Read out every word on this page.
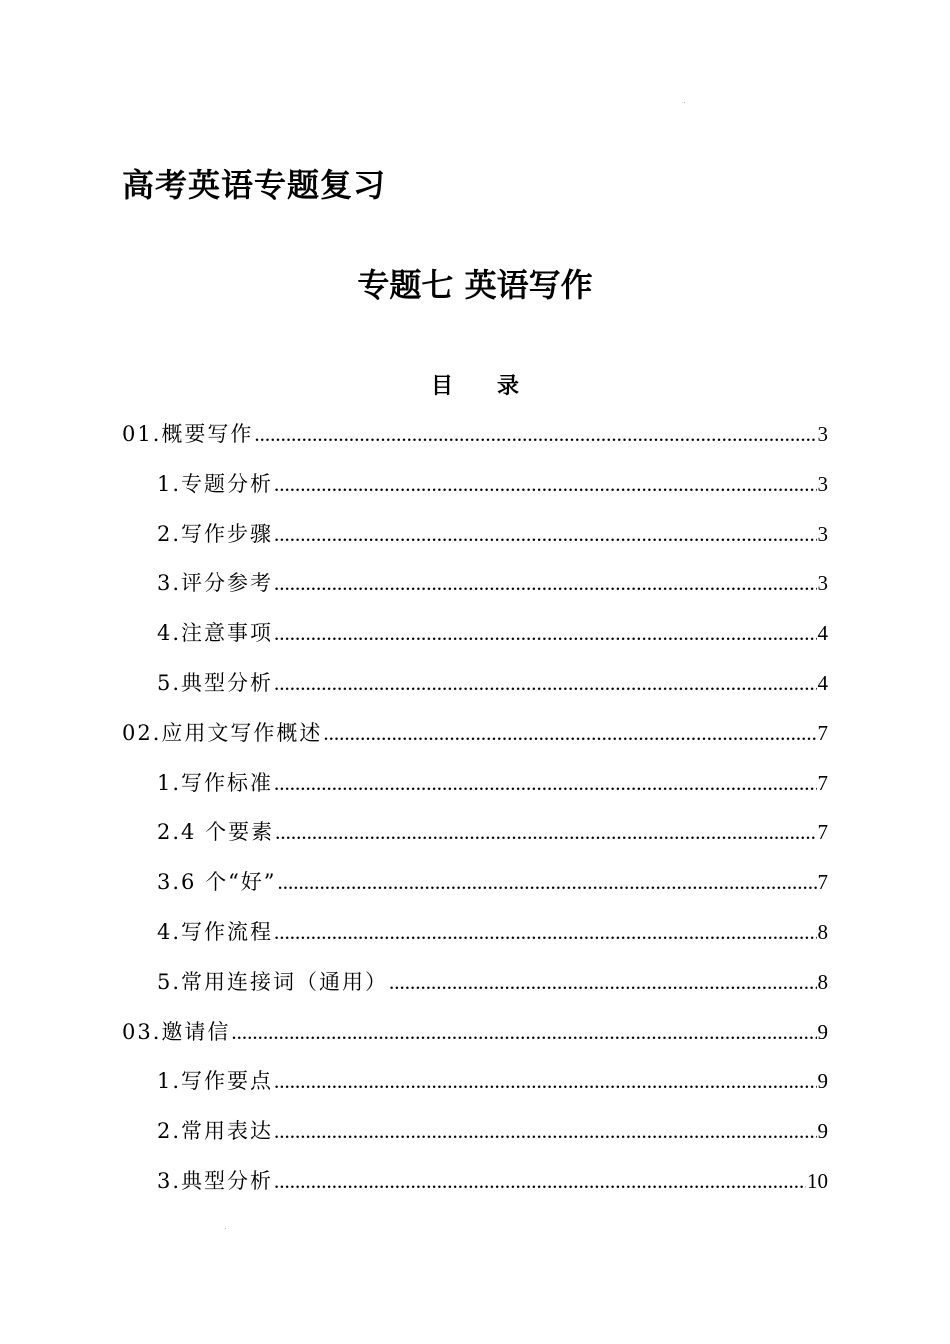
高考英语专题复习
专题七 英语写作
目录
01.概要写作 .....	3
1.专题分析 .....	3
2.写作步骤 .....	3
3.评分参考 .....	3
4.注意事项 .....	4
5.典型分析 .....	4
02.应用文写作概述 .....	7
1.写作标准 .....	7
2.4 个要素 .....	7
3.6 个“好” .....	7
4.写作流程 .....	8
5.常用连接词（通用） .....	8
03.邀请信 .....	9
1.写作要点 .....	9
2.常用表达 .....	9
3.典型分析 .....	10
